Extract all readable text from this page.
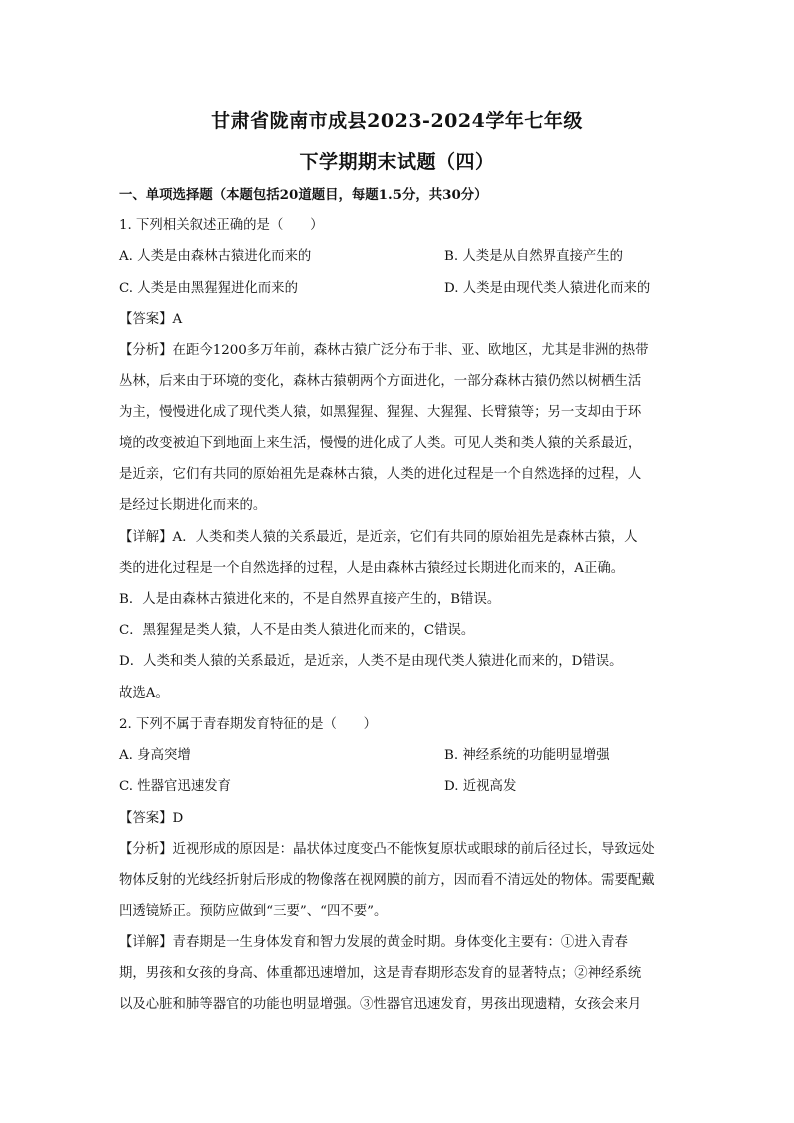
甘肃省陇南市成县2023-2024学年七年级
下学期期末试题（四）
一、单项选择题（本题包括20道题目，每题1.5分，共30分）
1. 下列相关叙述正确的是（　　）
A. 人类是由森林古猿进化而来的	B. 人类是从自然界直接产生的
C. 人类是由黑猩猩进化而来的	D. 人类是由现代类人猿进化而来的
【答案】A
【分析】在距今1200多万年前，森林古猿广泛分布于非、亚、欧地区，尤其是非洲的热带
丛林，后来由于环境的变化，森林古猿朝两个方面进化，一部分森林古猿仍然以树栖生活
为主，慢慢进化成了现代类人猿，如黑猩猩、猩猩、大猩猩、长臂猿等；另一支却由于环
境的改变被迫下到地面上来生活，慢慢的进化成了人类。可见人类和类人猿的关系最近，
是近亲，它们有共同的原始祖先是森林古猿，人类的进化过程是一个自然选择的过程，人
是经过长期进化而来的。
【详解】A．人类和类人猿的关系最近，是近亲，它们有共同的原始祖先是森林古猿，人
类的进化过程是一个自然选择的过程，人是由森林古猿经过长期进化而来的，A正确。
B．人是由森林古猿进化来的，不是自然界直接产生的，B错误。
C．黑猩猩是类人猿，人不是由类人猿进化而来的，C错误。
D．人类和类人猿的关系最近，是近亲，人类不是由现代类人猿进化而来的，D错误。
故选A。
2. 下列不属于青春期发育特征的是（　　）
A. 身高突增	B. 神经系统的功能明显增强
C. 性器官迅速发育	D. 近视高发
【答案】D
【分析】近视形成的原因是：晶状体过度变凸不能恢复原状或眼球的前后径过长，导致远处
物体反射的光线经折射后形成的物像落在视网膜的前方，因而看不清远处的物体。需要配戴
凹透镜矫正。预防应做到“三要”、“四不要”。
【详解】青春期是一生身体发育和智力发展的黄金时期。身体变化主要有：①进入青春
期，男孩和女孩的身高、体重都迅速增加，这是青春期形态发育的显著特点；②神经系统
以及心脏和肺等器官的功能也明显增强。③性器官迅速发育，男孩出现遗精，女孩会来月
